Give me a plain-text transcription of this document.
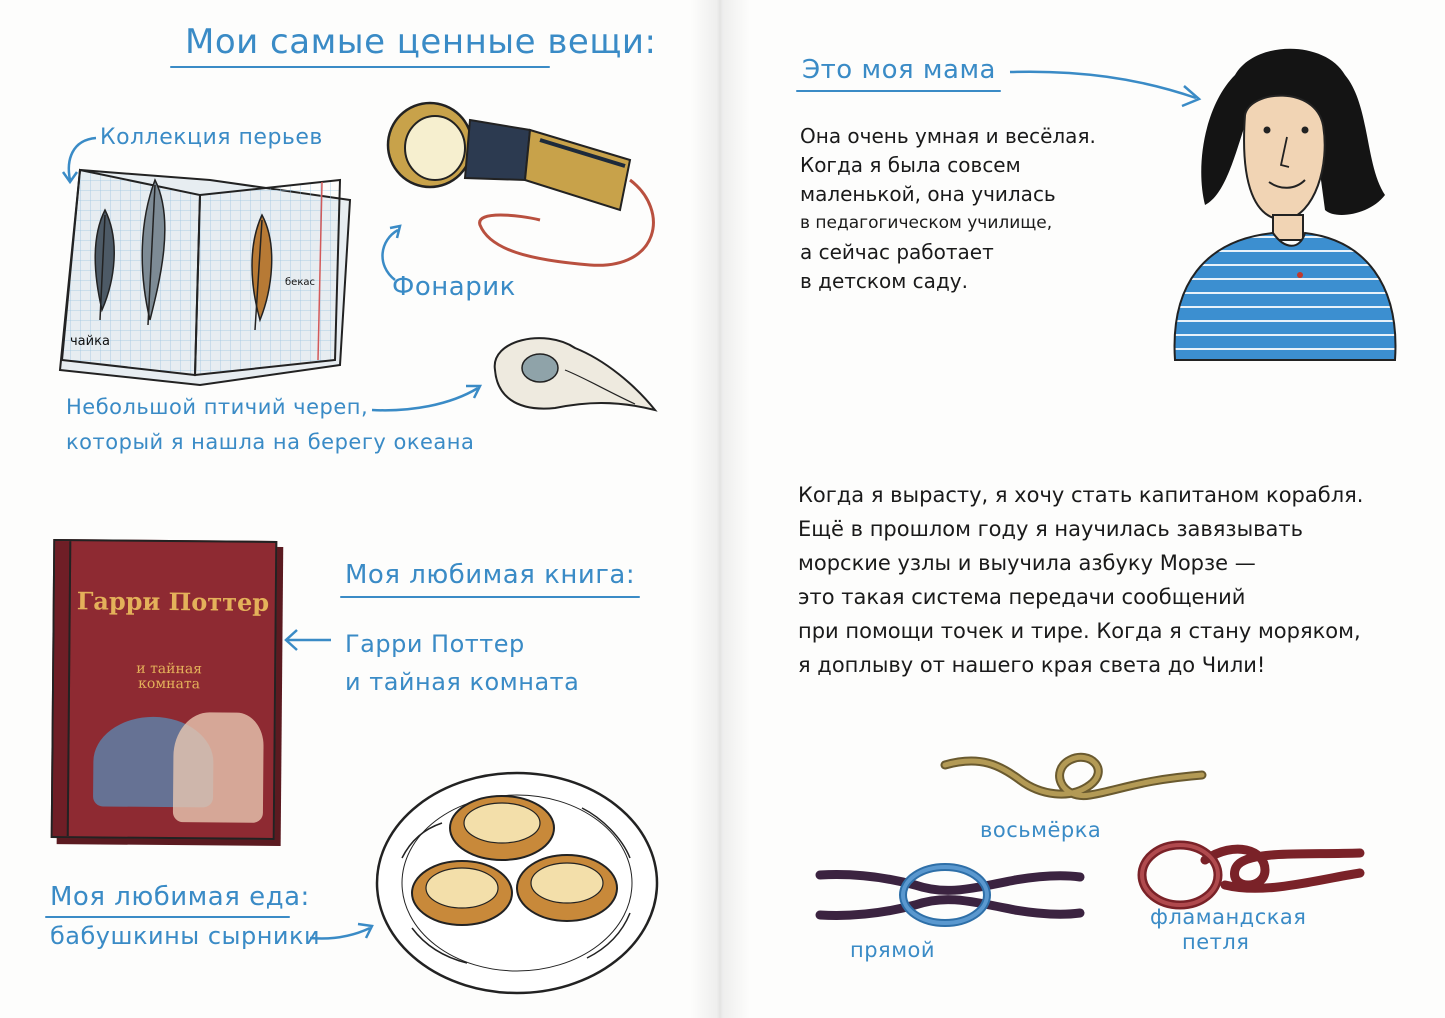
Мои самые ценные вещи:
Коллекция перьев
чайка
бекас	Фонарик
Небольшой птичий череп,
который я нашла на берегу океана
Гарри Поттер
и тайная комната
Моя любимая книга:
Гарри Поттер
и тайная комната
Моя любимая еда:
бабушкины сырники
Это моя мама
Она очень умная и весёлая.
Когда я была совсем
маленькой, она училась
в педагогическом училище,
а сейчас работает
в детском саду.
Когда я вырасту, я хочу стать капитаном корабля.
Ещё в прошлом году я научилась завязывать
морские узлы и выучила азбуку Морзе —
это такая система передачи сообщений
при помощи точек и тире. Когда я стану моряком,
я доплыву от нашего края света до Чили!
восьмёрка
прямой
фламандская
петля
